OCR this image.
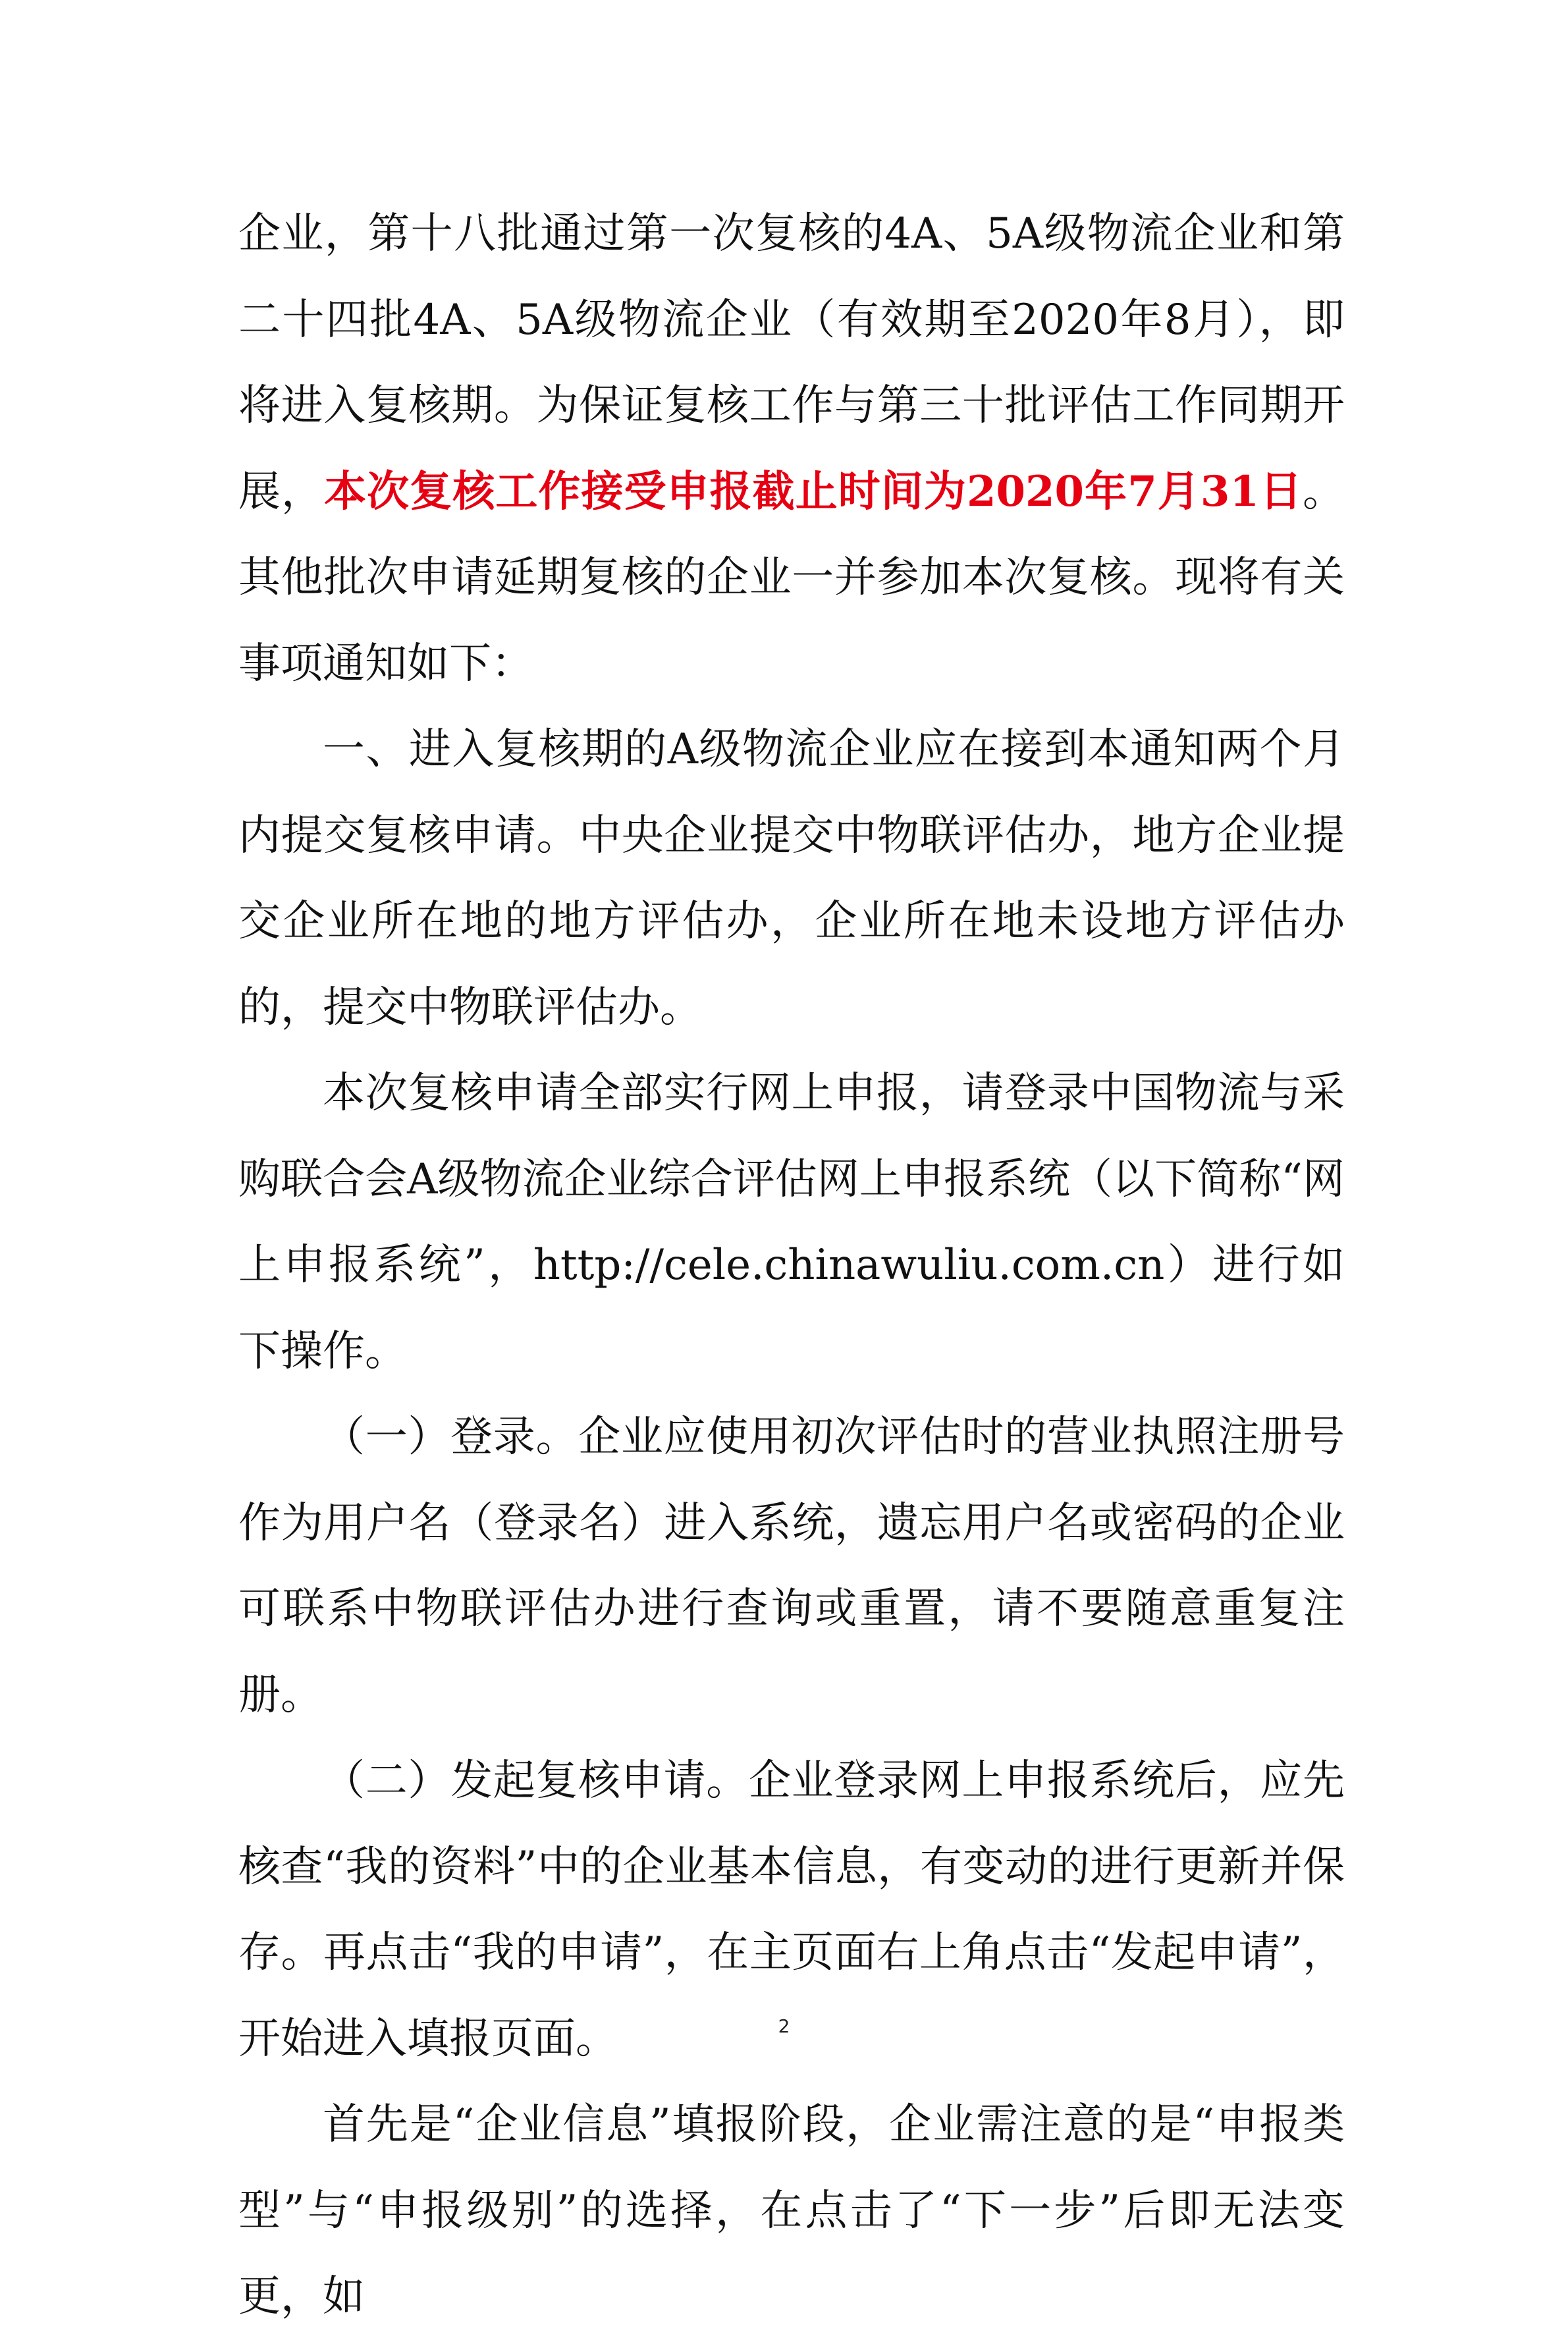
企业，第十八批通过第一次复核的4A、5A级物流企业和第二十四批4A、5A级物流企业（有效期至2020年8月），即将进入复核期。为保证复核工作与第三十批评估工作同期开展，本次复核工作接受申报截止时间为2020年7月31日。其他批次申请延期复核的企业一并参加本次复核。现将有关事项通知如下：

一、进入复核期的A级物流企业应在接到本通知两个月内提交复核申请。中央企业提交中物联评估办，地方企业提交企业所在地的地方评估办，企业所在地未设地方评估办的，提交中物联评估办。

本次复核申请全部实行网上申报，请登录中国物流与采购联合会A级物流企业综合评估网上申报系统（以下简称“网上申报系统”，http://cele.chinawuliu.com.cn）进行如下操作。

（一）登录。企业应使用初次评估时的营业执照注册号作为用户名（登录名）进入系统，遗忘用户名或密码的企业可联系中物联评估办进行查询或重置，请不要随意重复注册。

（二）发起复核申请。企业登录网上申报系统后，应先核查“我的资料”中的企业基本信息，有变动的进行更新并保存。再点击“我的申请”，在主页面右上角点击“发起申请”，开始进入填报页面。

首先是“企业信息”填报阶段，企业需注意的是“申报类型”与“申报级别”的选择，在点击了“下一步”后即无法变更，如

2
